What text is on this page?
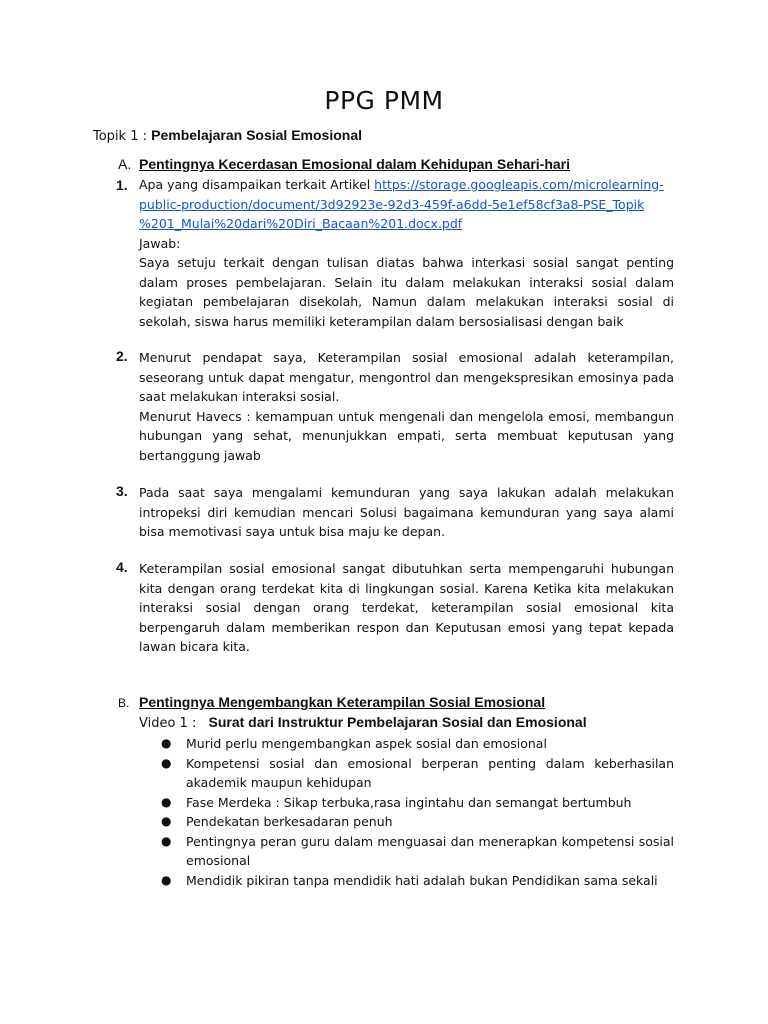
PPG PMM
Topik 1 : Pembelajaran Sosial Emosional
A. Pentingnya Kecerdasan Emosional dalam Kehidupan Sehari-hari
1. Apa yang disampaikan terkait Artikel https://storage.googleapis.com/microlearning-
public-production/document/3d92923e-92d3-459f-a6dd-5e1ef58cf3a8-PSE_Topik
%201_Mulai%20dari%20Diri_Bacaan%201.docx.pdf
Jawab:
Saya setuju terkait dengan tulisan diatas bahwa interkasi sosial sangat penting dalam proses pembelajaran. Selain itu dalam melakukan interaksi sosial dalam kegiatan pembelajaran disekolah, Namun dalam melakukan interaksi sosial di sekolah, siswa harus memiliki keterampilan dalam bersosialisasi dengan baik
2. Menurut pendapat saya, Keterampilan sosial emosional adalah keterampilan, seseorang untuk dapat mengatur, mengontrol dan mengekspresikan emosinya pada saat melakukan interaksi sosial.
Menurut Havecs : kemampuan untuk mengenali dan mengelola emosi, membangun hubungan yang sehat, menunjukkan empati, serta membuat keputusan yang bertanggung jawab
3. Pada saat saya mengalami kemunduran yang saya lakukan adalah melakukan intropeksi diri kemudian mencari Solusi bagaimana kemunduran yang saya alami bisa memotivasi saya untuk bisa maju ke depan.
4. Keterampilan sosial emosional sangat dibutuhkan serta mempengaruhi hubungan kita dengan orang terdekat kita di lingkungan sosial. Karena Ketika kita melakukan interaksi sosial dengan orang terdekat, keterampilan sosial emosional kita berpengaruh dalam memberikan respon dan Keputusan emosi yang tepat kepada lawan bicara kita.
B. Pentingnya Mengembangkan Keterampilan Sosial Emosional
Video 1 : Surat dari Instruktur Pembelajaran Sosial dan Emosional
● Murid perlu mengembangkan aspek sosial dan emosional
● Kompetensi sosial dan emosional berperan penting dalam keberhasilan akademik maupun kehidupan
● Fase Merdeka : Sikap terbuka,rasa ingintahu dan semangat bertumbuh
● Pendekatan berkesadaran penuh
● Pentingnya peran guru dalam menguasai dan menerapkan kompetensi sosial emosional
● Mendidik pikiran tanpa mendidik hati adalah bukan Pendidikan sama sekali
